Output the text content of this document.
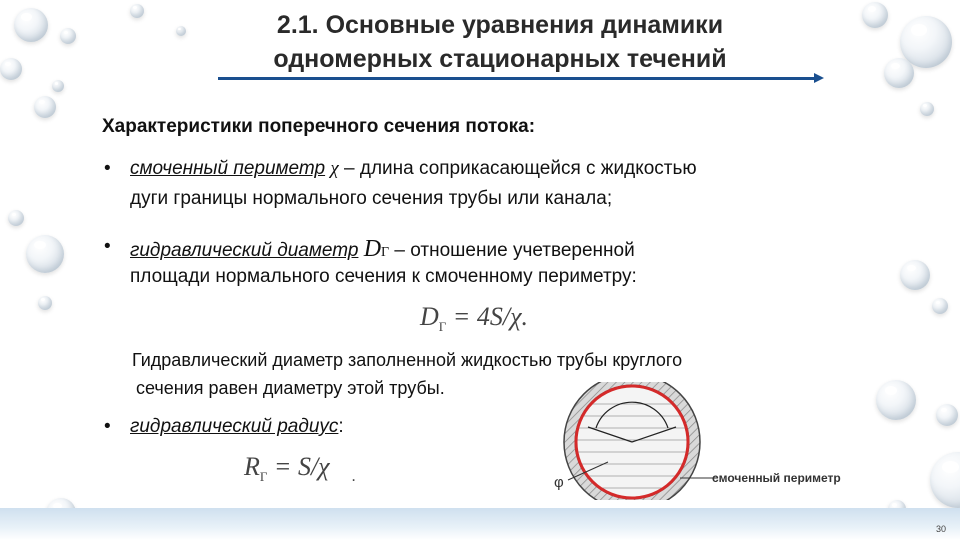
2.1. Основные уравнения динамики
одномерных стационарных течений
Характеристики поперечного сечения потока:
• смоченный периметр χ – длина соприкасающейся с жидкостью
дуги границы нормального сечения трубы или канала;
• гидравлический диаметр DГ – отношение учетверенной
площади нормального сечения к смоченному периметру:
$D_Г = 4S/\chi$.
Гидравлический диаметр заполненной жидкостью трубы круглого
сечения равен диаметру этой трубы.
• гидравлический радиус:
$R_Г = S/\chi$ .	φ	смоченный периметр
30
